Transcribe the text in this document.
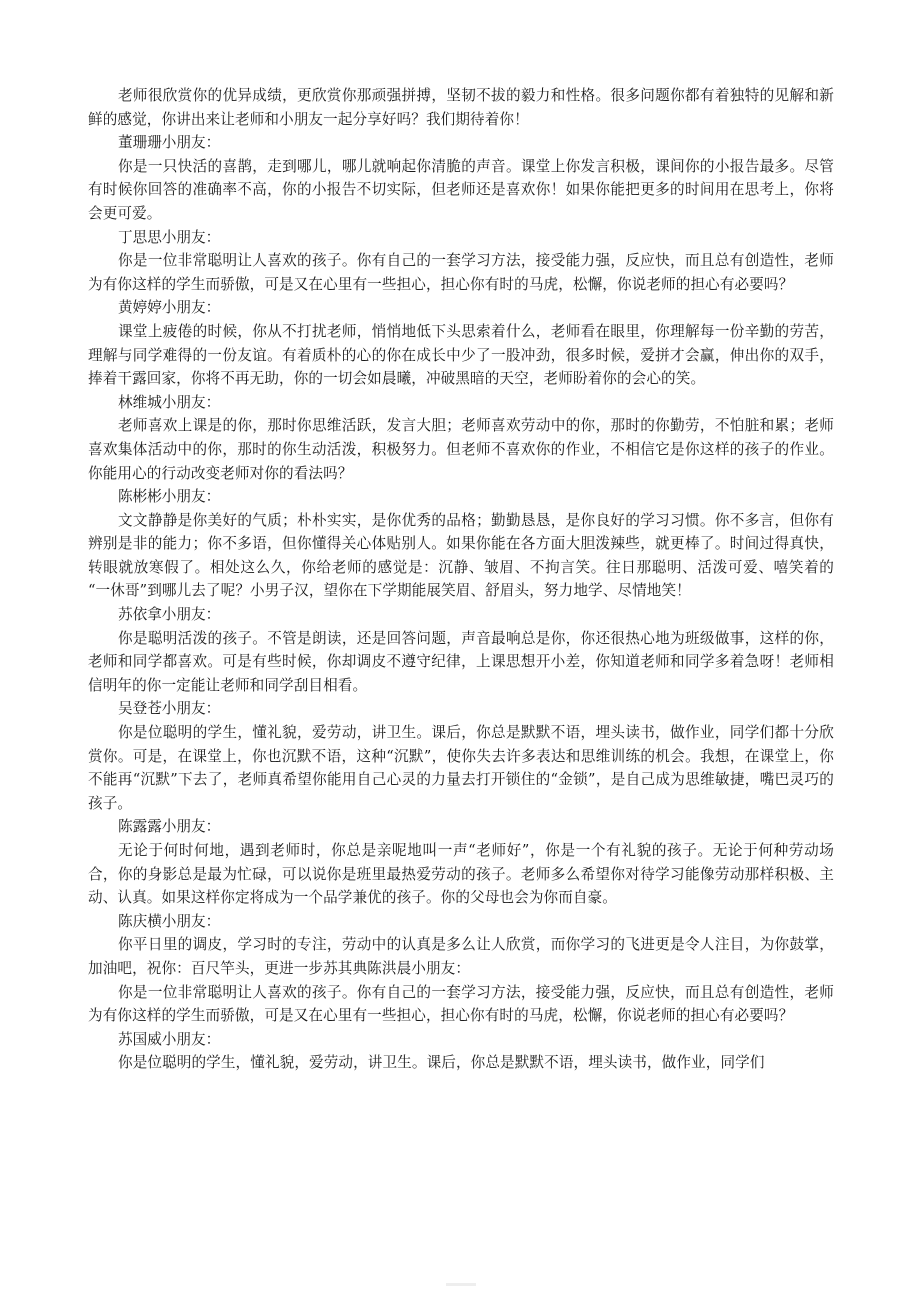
老师很欣赏你的优异成绩，更欣赏你那顽强拼搏，坚韧不拔的毅力和性格。很多问题你都有着独特的见解和新鲜的感觉，你讲出来让老师和小朋友一起分享好吗？我们期待着你！

董珊珊小朋友：

你是一只快活的喜鹊，走到哪儿，哪儿就响起你清脆的声音。课堂上你发言积极，课间你的小报告最多。尽管有时候你回答的准确率不高，你的小报告不切实际，但老师还是喜欢你！如果你能把更多的时间用在思考上，你将会更可爱。

丁思思小朋友：

你是一位非常聪明让人喜欢的孩子。你有自己的一套学习方法，接受能力强，反应快，而且总有创造性，老师为有你这样的学生而骄傲，可是又在心里有一些担心，担心你有时的马虎，松懈，你说老师的担心有必要吗？

黄婷婷小朋友：

课堂上疲倦的时候，你从不打扰老师，悄悄地低下头思索着什么，老师看在眼里，你理解每一份辛勤的劳苦，理解与同学难得的一份友谊。有着质朴的心的你在成长中少了一股冲劲，很多时候，爱拼才会赢，伸出你的双手，捧着干露回家，你将不再无助，你的一切会如晨曦，冲破黑暗的天空，老师盼着你的会心的笑。

林维城小朋友：

老师喜欢上课是的你，那时你思维活跃，发言大胆；老师喜欢劳动中的你，那时的你勤劳，不怕脏和累；老师喜欢集体活动中的你，那时的你生动活泼，积极努力。但老师不喜欢你的作业，不相信它是你这样的孩子的作业。你能用心的行动改变老师对你的看法吗？

陈彬彬小朋友：

文文静静是你美好的气质；朴朴实实，是你优秀的品格；勤勤恳恳，是你良好的学习习惯。你不多言，但你有辨别是非的能力；你不多语，但你懂得关心体贴别人。如果你能在各方面大胆泼辣些，就更棒了。时间过得真快，转眼就放寒假了。相处这么久，你给老师的感觉是：沉静、皱眉、不拘言笑。往日那聪明、活泼可爱、嘻笑着的 “一休哥”到哪儿去了呢？小男子汉，望你在下学期能展笑眉、舒眉头，努力地学、尽情地笑！

苏依拿小朋友：

你是聪明活泼的孩子。不管是朗读，还是回答问题，声音最响总是你，你还很热心地为班级做事，这样的你，老师和同学都喜欢。可是有些时候，你却调皮不遵守纪律，上课思想开小差，你知道老师和同学多着急呀！老师相信明年的你一定能让老师和同学刮目相看。

吴登苍小朋友：

你是位聪明的学生，懂礼貌，爱劳动，讲卫生。课后，你总是默默不语，埋头读书，做作业，同学们都十分欣赏你。可是，在课堂上，你也沉默不语，这种“沉默”，使你失去许多表达和思维训练的机会。我想，在课堂上，你不能再“沉默”下去了，老师真希望你能用自己心灵的力量去打开锁住的“金锁”，是自己成为思维敏捷，嘴巴灵巧的孩子。

陈露露小朋友：

无论于何时何地，遇到老师时，你总是亲呢地叫一声“老师好”，你是一个有礼貌的孩子。无论于何种劳动场合，你的身影总是最为忙碌，可以说你是班里最热爱劳动的孩子。老师多么希望你对待学习能像劳动那样积极、主动、认真。如果这样你定将成为一个品学兼优的孩子。你的父母也会为你而自豪。

陈庆横小朋友：

你平日里的调皮，学习时的专注，劳动中的认真是多么让人欣赏，而你学习的飞进更是令人注目，为你鼓掌，加油吧，祝你：百尺竿头，更进一步苏其典陈洪晨小朋友：

你是一位非常聪明让人喜欢的孩子。你有自己的一套学习方法，接受能力强，反应快，而且总有创造性，老师为有你这样的学生而骄傲，可是又在心里有一些担心，担心你有时的马虎，松懈，你说老师的担心有必要吗？

苏国威小朋友：

你是位聪明的学生，懂礼貌，爱劳动，讲卫生。课后，你总是默默不语，埋头读书，做作业，同学们
